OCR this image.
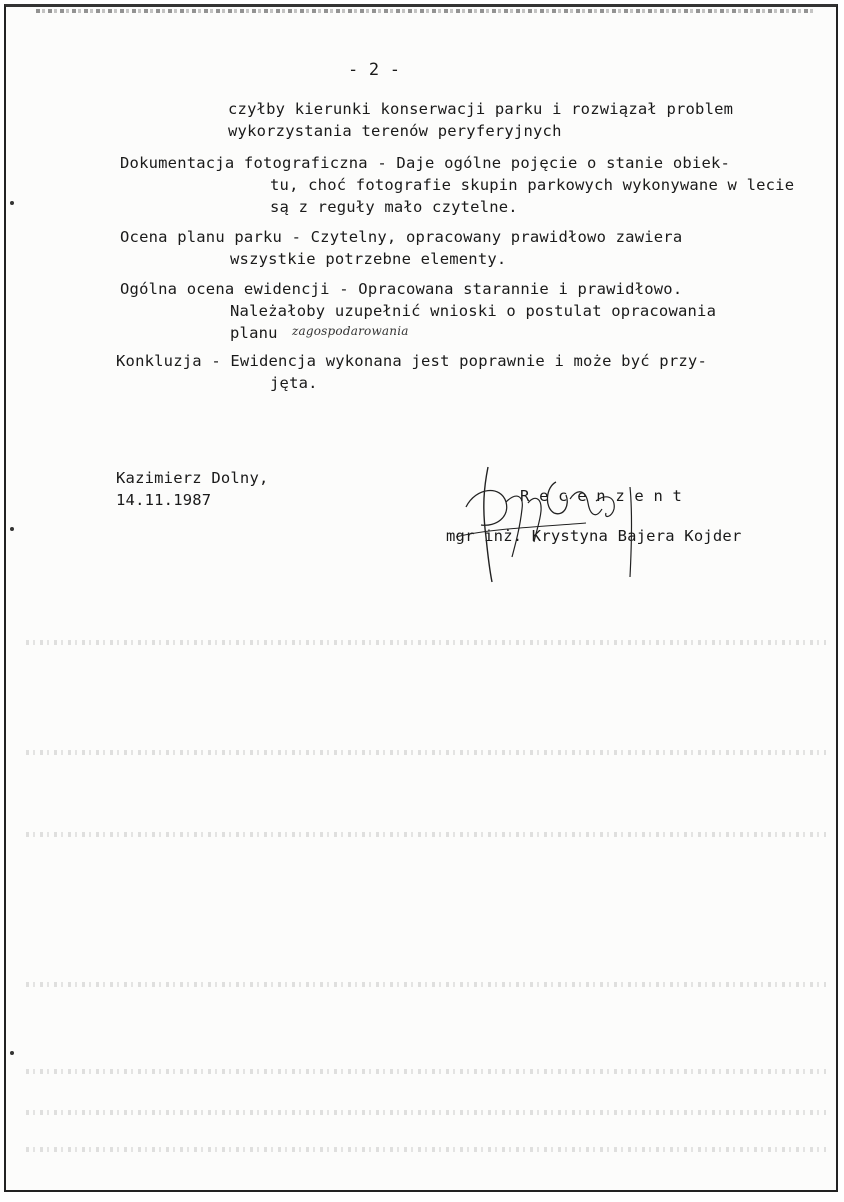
- 2 -
czyłby kierunki konserwacji parku i rozwiązał problem
wykorzystania terenów peryferyjnych
Dokumentacja fotograficzna - Daje ogólne pojęcie o stanie obiek-
tu, choć fotografie skupin parkowych wykonywane w lecie
są z reguły mało czytelne.
Ocena planu parku - Czytelny, opracowany prawidłowo zawiera
wszystkie potrzebne elementy.
Ogólna ocena ewidencji - Opracowana starannie i prawidłowo.
Należałoby uzupełnić wnioski o postulat opracowania
planu zagospodarowania
Konkluzja - Ewidencja wykonana jest poprawnie i może być przy-
jęta.
Kazimierz Dolny,
14.11.1987	R e c e n z e n t
mgr inż. Krystyna Bajera Kojder
